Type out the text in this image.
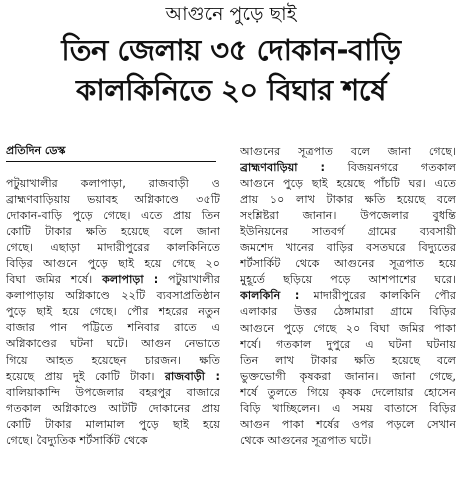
আগুনে পুড়ে ছাই
তিন জেলায় ৩৫ দোকান-বাড়ি
কালকিনিতে ২০ বিঘার শর্ষে
প্রতিদিন ডেস্ক
পটুয়াখালীর কলাপাড়া, রাজবাড়ী ও
ব্রাহ্মণবাড়িয়ায় ভয়াবহ অগ্নিকাণ্ডে ৩৫টি
দোকান-বাড়ি পুড়ে গেছে। এতে প্রায় তিন
কোটি টাকার ক্ষতি হয়েছে বলে জানা
গেছে। এছাড়া মাদারীপুরের কালকিনিতে
বিড়ির আগুনে পুড়ে ছাই হয়ে গেছে ২০
বিঘা জমির শর্ষে। কলাপাড়া : পটুয়াখালীর
কলাপাড়ায় অগ্নিকাণ্ডে ২২টি ব্যবসাপ্রতিষ্ঠান
পুড়ে ছাই হয়ে গেছে। পৌর শহরের নতুন
বাজার পান পট্টিতে শনিবার রাতে এ
অগ্নিকাণ্ডের ঘটনা ঘটে। আগুন নেভাতে
গিয়ে আহত হয়েছেন চারজন। ক্ষতি
হয়েছে প্রায় দুই কোটি টাকা। রাজবাড়ী :
বালিয়াকান্দি উপজেলার বহরপুর বাজারে
গতকাল অগ্নিকাণ্ডে আটটি দোকানের প্রায়
কোটি টাকার মালামাল পুড়ে ছাই হয়ে
গেছে। বৈদ্যুতিক শর্টসার্কিট থেকে
আগুনের সূত্রপাত বলে জানা গেছে।
ব্রাহ্মণবাড়িয়া : বিজয়নগরে গতকাল
আগুনে পুড়ে ছাই হয়েছে পাঁচটি ঘর। এতে
প্রায় ১০ লাখ টাকার ক্ষতি হয়েছে বলে
সংশ্লিষ্টরা জানান। উপজেলার বুধন্তি
ইউনিয়নের সাতবর্গ গ্রামের ব্যবসায়ী
জমশেদ খানের বাড়ির বসতঘরে বিদ্যুতের
শর্টসার্কিট থেকে আগুনের সূত্রপাত হয়ে
মুহূর্তে ছড়িয়ে পড়ে আশপাশের ঘরে।
কালকিনি : মাদারীপুরের কালকিনি পৌর
এলাকার উত্তর ঠেঙ্গামারা গ্রামে বিড়ির
আগুনে পুড়ে গেছে ২০ বিঘা জমির পাকা
শর্ষে। গতকাল দুপুরে এ ঘটনা ঘটনায়
তিন লাখ টাকার ক্ষতি হয়েছে বলে
ভুক্তভোগী কৃষকরা জানান। জানা গেছে,
শর্ষে তুলতে গিয়ে কৃষক দেলোয়ার হোসেন
বিড়ি খাচ্ছিলেন। এ সময় বাতাসে বিড়ির
আগুন পাকা শর্ষের ওপর পড়লে সেখান
থেকে আগুনের সূত্রপাত ঘটে।
